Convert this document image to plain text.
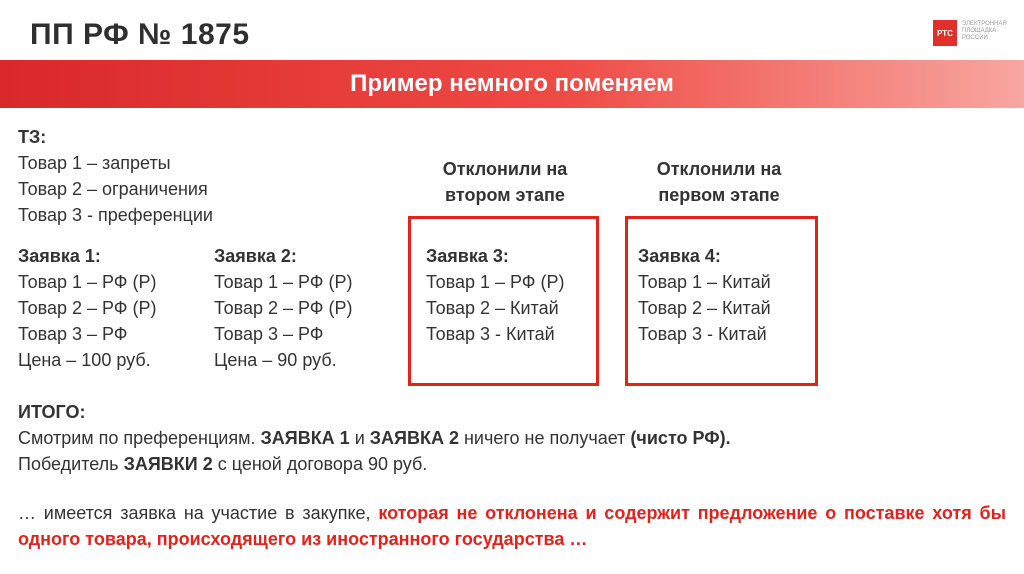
ПП РФ № 1875	РТС
ЭЛЕКТРОННАЯ
ПЛОЩАДКА
РОССИИ
Пример немного поменяем
ТЗ:
Товар 1 – запреты
Товар 2 – ограничения
Товар 3 - преференции
Заявка 1:
Товар 1 – РФ (Р)
Товар 2 – РФ (Р)
Товар 3 – РФ
Цена – 100 руб.
Заявка 2:
Товар 1 – РФ (Р)
Товар 2 – РФ (Р)
Товар 3 – РФ
Цена – 90 руб.
Отклонили на втором этапе
Отклонили на первом этапе
Заявка 3:
Товар 1 – РФ (Р)
Товар 2 – Китай
Товар 3 - Китай
Заявка 4:
Товар 1 – Китай
Товар 2 – Китай
Товар 3 - Китай
ИТОГО:
Смотрим по преференциям. ЗАЯВКА 1 и ЗАЯВКА 2 ничего не получает (чисто РФ).
Победитель ЗАЯВКИ 2 с ценой договора 90 руб.
… имеется заявка на участие в закупке, которая не отклонена и содержит предложение о поставке хотя бы одного товара, происходящего из иностранного государства …
